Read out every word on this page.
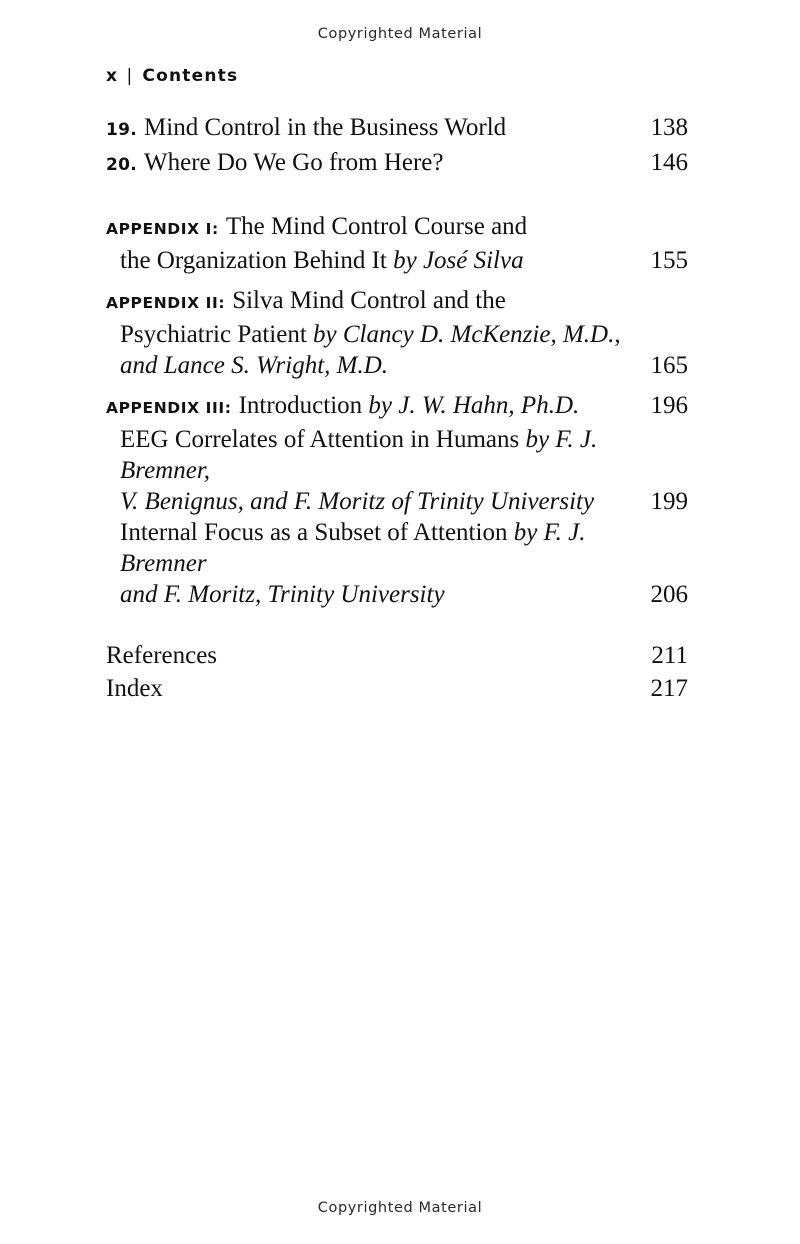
Copyrighted Material
x | Contents
19. Mind Control in the Business World	138
20. Where Do We Go from Here?	146
APPENDIX I: The Mind Control Course and
the Organization Behind It by José Silva	155
APPENDIX II: Silva Mind Control and the
Psychiatric Patient by Clancy D. McKenzie, M.D.,
and Lance S. Wright, M.D.	165
APPENDIX III: Introduction by J. W. Hahn, Ph.D.	196
EEG Correlates of Attention in Humans by F. J. Bremner,
V. Benignus, and F. Moritz of Trinity University	199
Internal Focus as a Subset of Attention by F. J. Bremner
and F. Moritz, Trinity University	206
References	211
Index	217
Copyrighted Material
